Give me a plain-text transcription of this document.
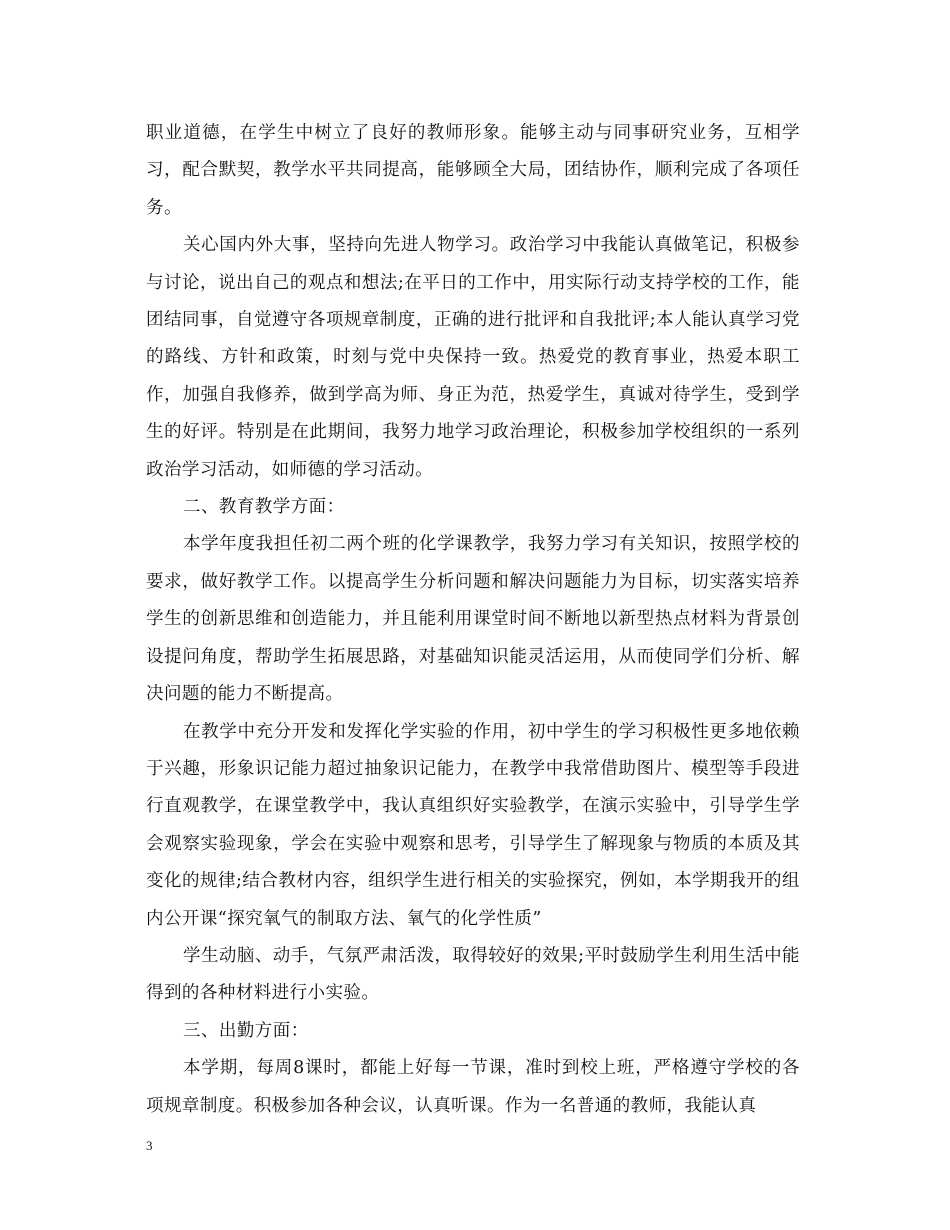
职业道德，在学生中树立了良好的教师形象。能够主动与同事研究业务，互相学习，配合默契，教学水平共同提高，能够顾全大局，团结协作，顺利完成了各项任务。

关心国内外大事，坚持向先进人物学习。政治学习中我能认真做笔记，积极参与讨论，说出自己的观点和想法;在平日的工作中，用实际行动支持学校的工作，能团结同事，自觉遵守各项规章制度，正确的进行批评和自我批评;本人能认真学习党的路线、方针和政策，时刻与党中央保持一致。热爱党的教育事业，热爱本职工作，加强自我修养，做到学高为师、身正为范，热爱学生，真诚对待学生，受到学生的好评。特别是在此期间，我努力地学习政治理论，积极参加学校组织的一系列政治学习活动，如师德的学习活动。

二、教育教学方面：

本学年度我担任初二两个班的化学课教学，我努力学习有关知识，按照学校的要求，做好教学工作。以提高学生分析问题和解决问题能力为目标，切实落实培养学生的创新思维和创造能力，并且能利用课堂时间不断地以新型热点材料为背景创设提问角度，帮助学生拓展思路，对基础知识能灵活运用，从而使同学们分析、解决问题的能力不断提高。

在教学中充分开发和发挥化学实验的作用，初中学生的学习积极性更多地依赖于兴趣，形象识记能力超过抽象识记能力，在教学中我常借助图片、模型等手段进行直观教学，在课堂教学中，我认真组织好实验教学，在演示实验中，引导学生学会观察实验现象，学会在实验中观察和思考，引导学生了解现象与物质的本质及其变化的规律;结合教材内容，组织学生进行相关的实验探究，例如，本学期我开的组内公开课“探究氧气的制取方法、氧气的化学性质”

学生动脑、动手，气氛严肃活泼，取得较好的效果;平时鼓励学生利用生活中能得到的各种材料进行小实验。

三、出勤方面：

本学期，每周8课时，都能上好每一节课，准时到校上班，严格遵守学校的各项规章制度。积极参加各种会议，认真听课。作为一名普通的教师，我能认真

3
